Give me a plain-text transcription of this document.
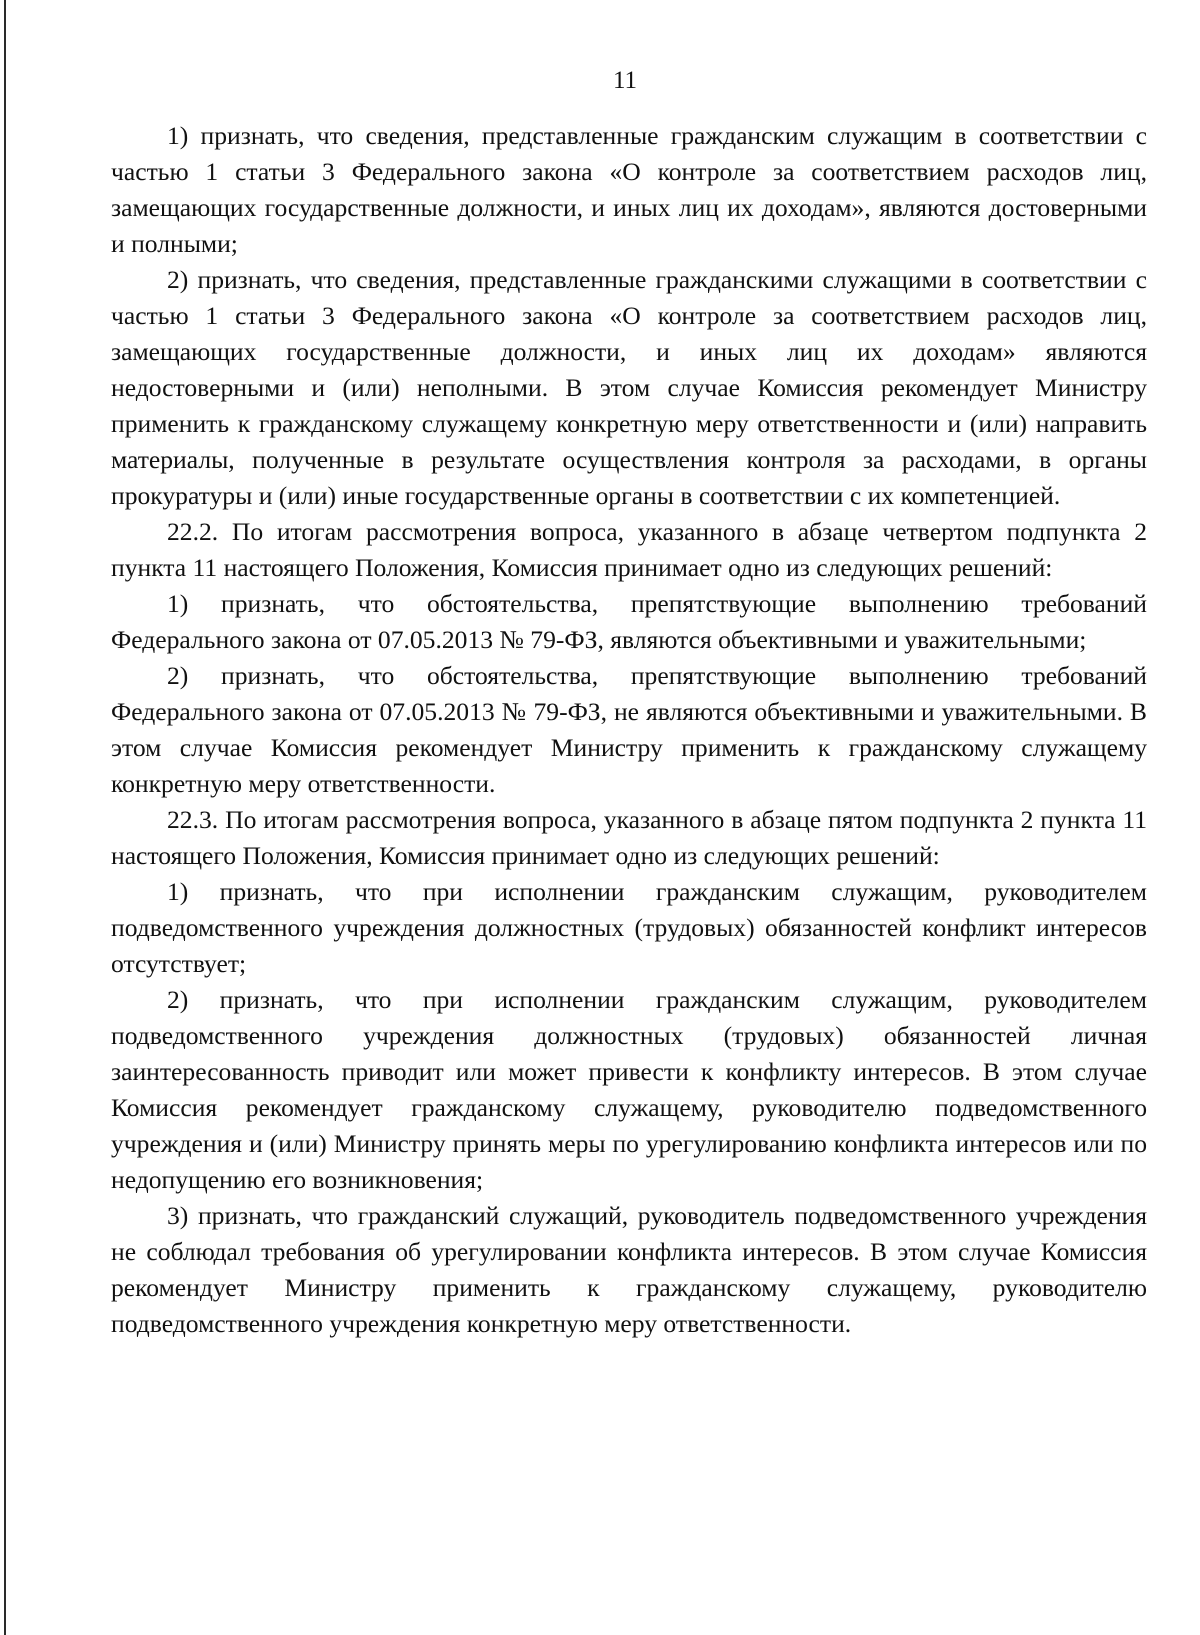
11

1) признать, что сведения, представленные гражданским служащим в соответствии с частью 1 статьи 3 Федерального закона «О контроле за соответствием расходов лиц, замещающих государственные должности, и иных лиц их доходам», являются достоверными и полными;

2) признать, что сведения, представленные гражданскими служащими в соответствии с частью 1 статьи 3 Федерального закона «О контроле за соответствием расходов лиц, замещающих государственные должности, и иных лиц их доходам» являются недостоверными и (или) неполными. В этом случае Комиссия рекомендует Министру применить к гражданскому служащему конкретную меру ответственности и (или) направить материалы, полученные в результате осуществления контроля за расходами, в органы прокуратуры и (или) иные государственные органы в соответствии с их компетенцией.

22.2. По итогам рассмотрения вопроса, указанного в абзаце четвертом подпункта 2 пункта 11 настоящего Положения, Комиссия принимает одно из следующих решений:

1) признать, что обстоятельства, препятствующие выполнению требований Федерального закона от 07.05.2013 № 79-ФЗ, являются объективными и уважительными;

2) признать, что обстоятельства, препятствующие выполнению требований Федерального закона от 07.05.2013 № 79-ФЗ, не являются объективными и уважительными. В этом случае Комиссия рекомендует Министру применить к гражданскому служащему конкретную меру ответственности.

22.3. По итогам рассмотрения вопроса, указанного в абзаце пятом подпункта 2 пункта 11 настоящего Положения, Комиссия принимает одно из следующих решений:

1) признать, что при исполнении гражданским служащим, руководителем подведомственного учреждения должностных (трудовых) обязанностей конфликт интересов отсутствует;

2) признать, что при исполнении гражданским служащим, руководителем подведомственного учреждения должностных (трудовых) обязанностей личная заинтересованность приводит или может привести к конфликту интересов. В этом случае Комиссия рекомендует гражданскому служащему, руководителю подведомственного учреждения и (или) Министру принять меры по урегулированию конфликта интересов или по недопущению его возникновения;

3) признать, что гражданский служащий, руководитель подведомственного учреждения не соблюдал требования об урегулировании конфликта интересов. В этом случае Комиссия рекомендует Министру применить к гражданскому служащему, руководителю подведомственного учреждения конкретную меру ответственности.
